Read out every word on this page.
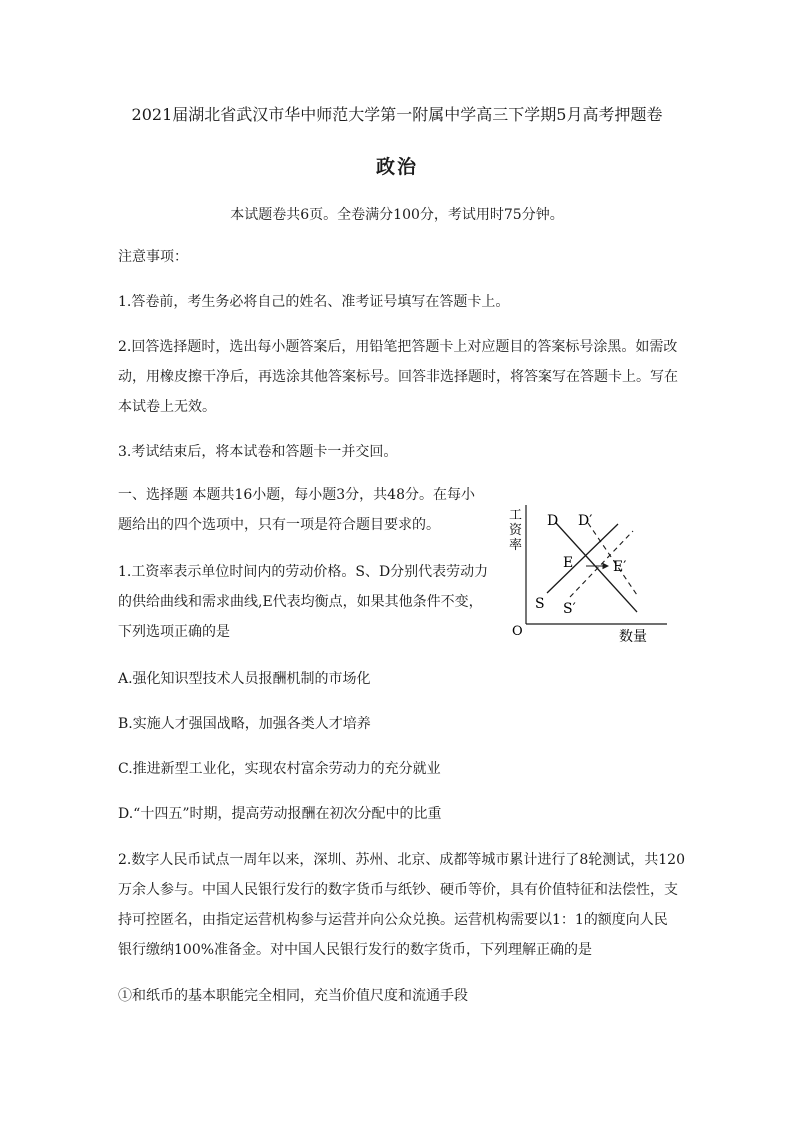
2021届湖北省武汉市华中师范大学第一附属中学高三下学期5月高考押题卷
政治
本试题卷共6页。全卷满分100分，考试用时75分钟。
注意事项：
1.答卷前，考生务必将自己的姓名、准考证号填写在答题卡上。
2.回答选择题时，选出每小题答案后，用铅笔把答题卡上对应题目的答案标号涂黑。如需改
动，用橡皮擦干净后，再选涂其他答案标号。回答非选择题时，将答案写在答题卡上。写在
本试卷上无效。
3.考试结束后，将本试卷和答题卡一并交回。
一、选择题 本题共16小题，每小题3分，共48分。在每小
题给出的四个选项中，只有一项是符合题目要求的。
1.工资率表示单位时间内的劳动价格。S、D分别代表劳动力
的供给曲线和需求曲线,E代表均衡点，如果其他条件不变，
下列选项正确的是
A.强化知识型技术人员报酬机制的市场化
B.实施人才强国战略，加强各类人才培养
C.推进新型工业化，实现农村富余劳动力的充分就业
D.“十四五”时期，提高劳动报酬在初次分配中的比重
2.数字人民币试点一周年以来，深圳、苏州、北京、成都等城市累计进行了8轮测试，共120
万余人参与。中国人民银行发行的数字货币与纸钞、硬币等价，具有价值特征和法偿性，支
持可控匿名，由指定运营机构参与运营并向公众兑换。运营机构需要以1：1的额度向人民
银行缴纳100%准备金。对中国人民银行发行的数字货币，下列理解正确的是
①和纸币的基本职能完全相同，充当价值尺度和流通手段
工
资
率
O	数量
D D′
E	E′
S S′
